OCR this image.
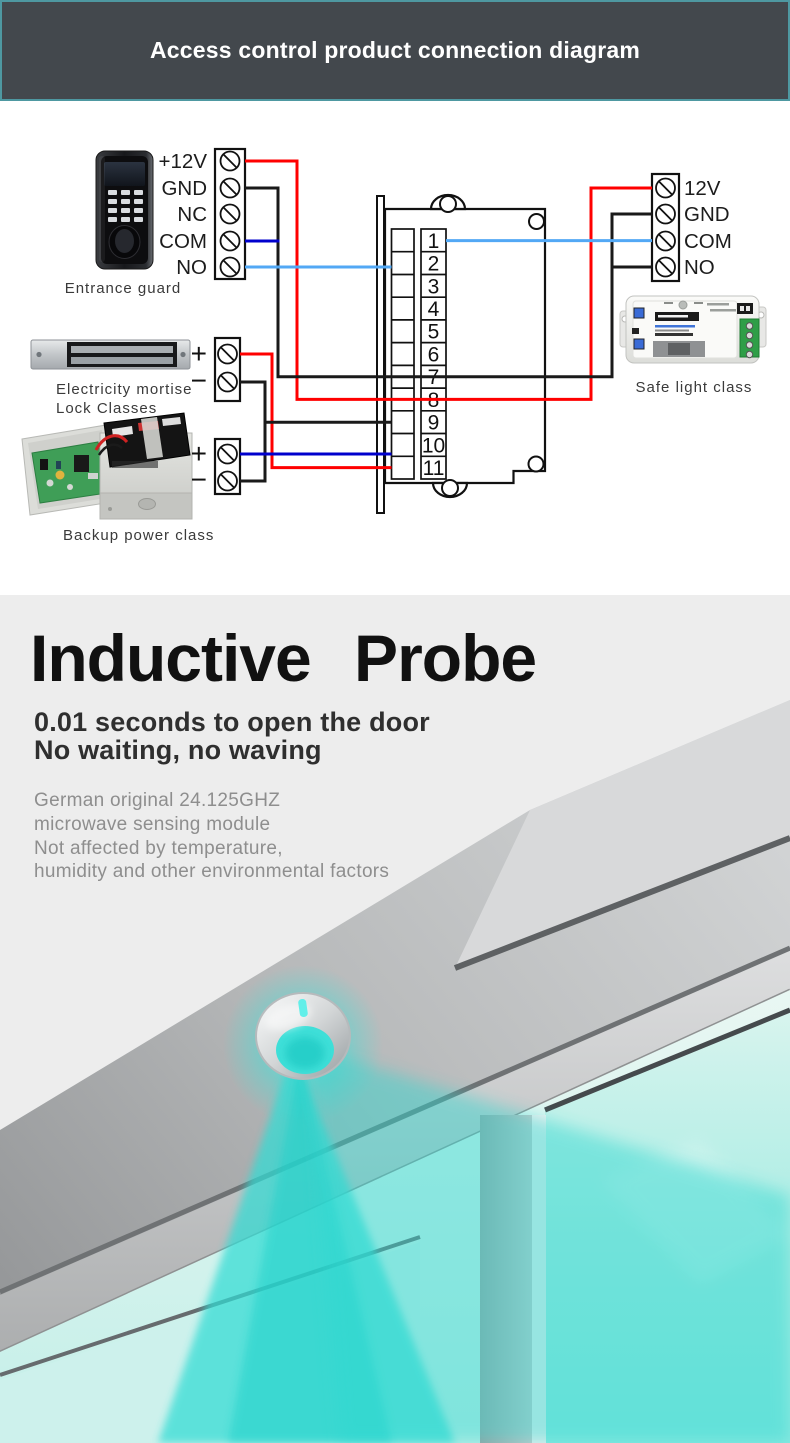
Access control product connection diagram
Entrance guard
Electricity mortise
Lock Classes
Backup power class
Safe light class
+12V
GND
NC
COM
NO
+
−
+
−
1
2
3
4
5
6
7
8
9
10
11
12V
GND
COM
NO
Inductive Probe
0.01 seconds to open the door
No waiting, no waving
German original 24.125GHZ
microwave sensing module
Not affected by temperature,
humidity and other environmental factors
